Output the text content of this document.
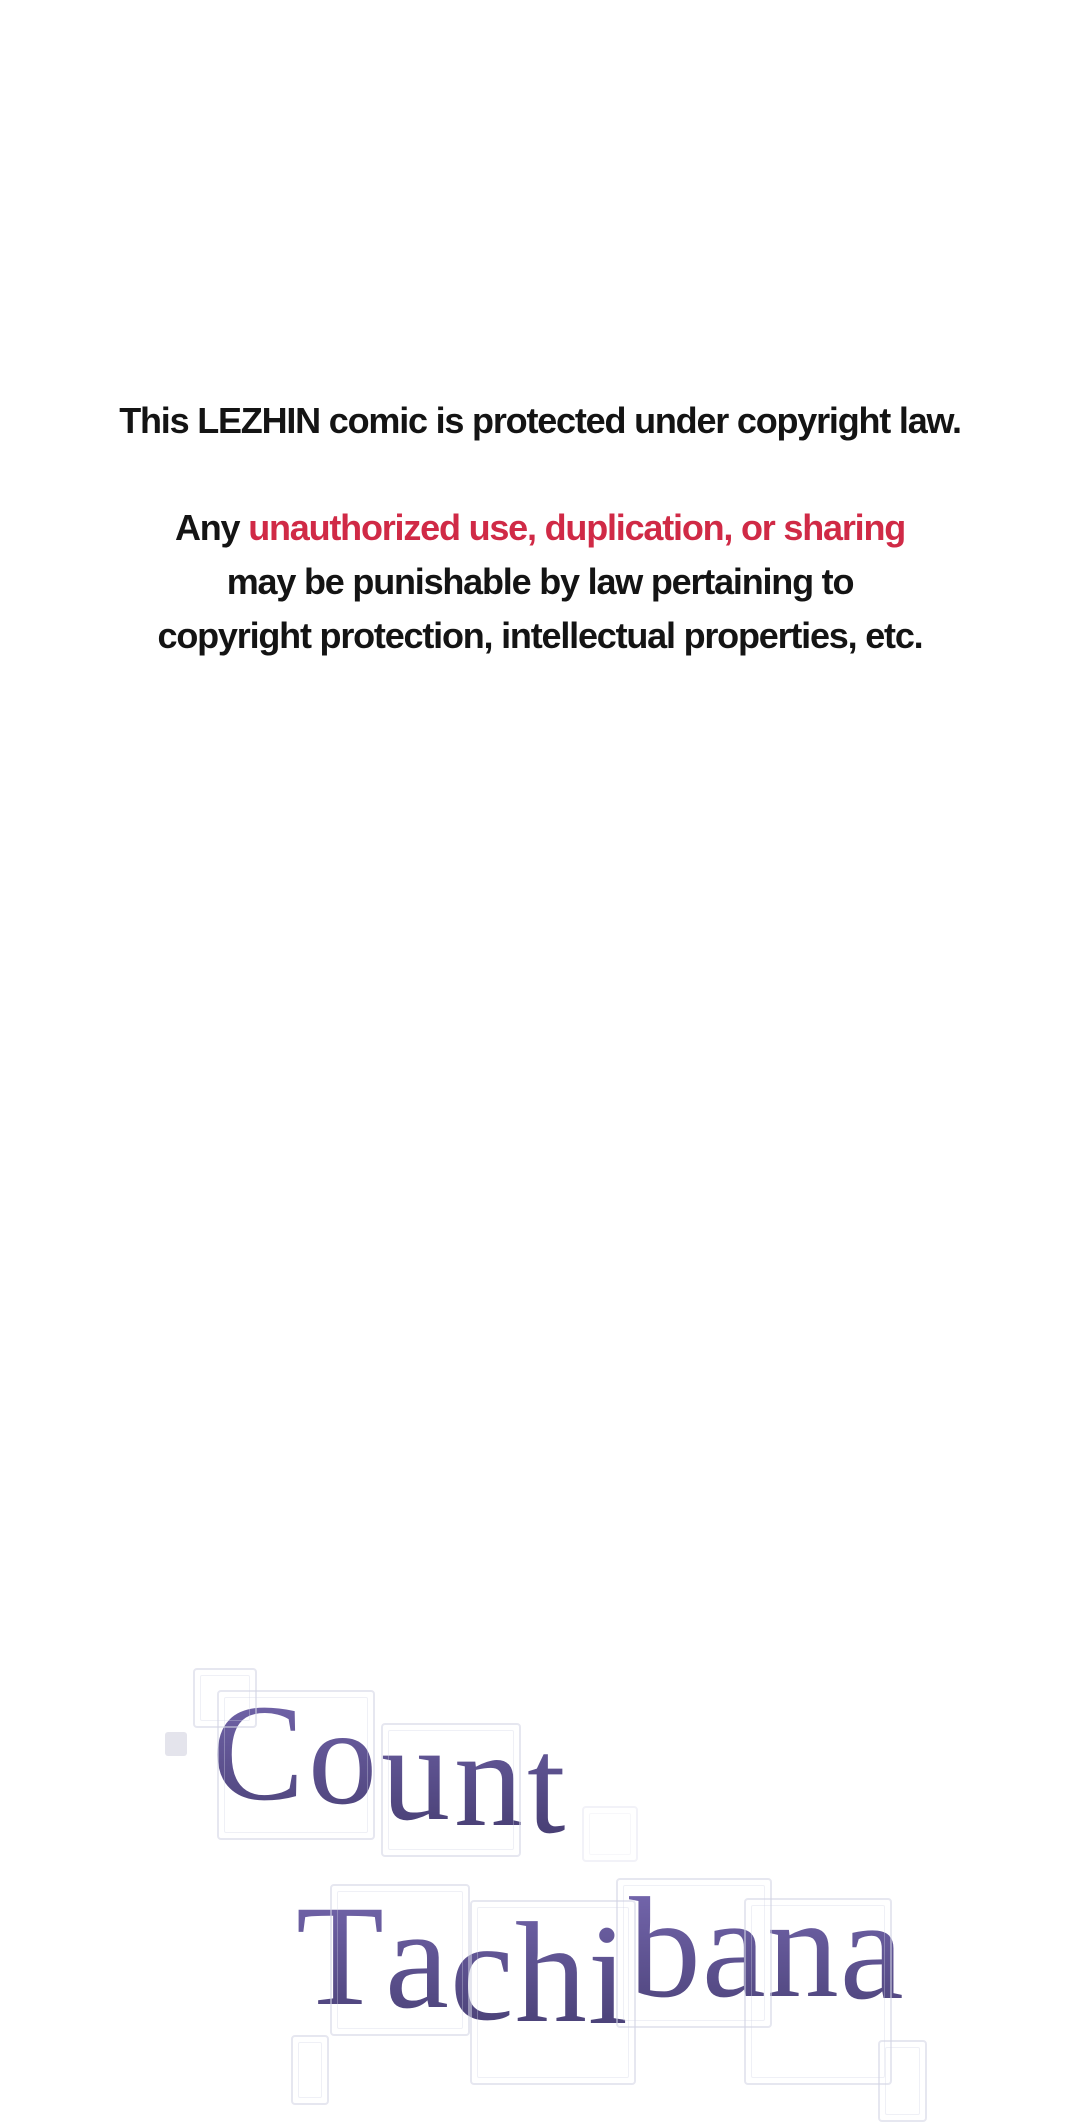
This LEZHIN comic is protected under copyright law.
Any unauthorized use, duplication, or sharing
may be punishable by law pertaining to
copyright protection, intellectual properties, etc.
C o u n t
T a c h i b a n a
